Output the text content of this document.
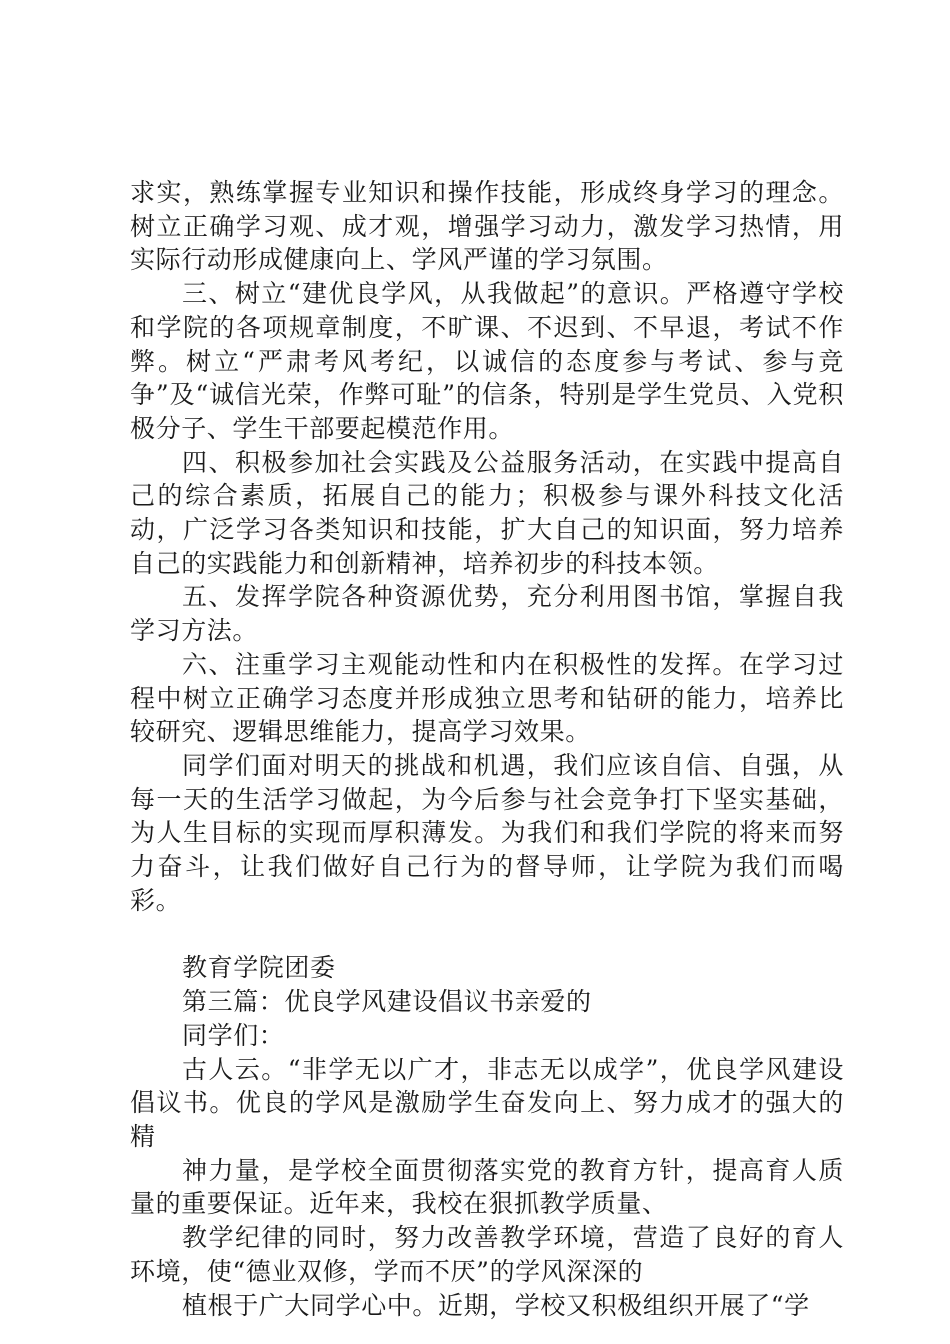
求实，熟练掌握专业知识和操作技能，形成终身学习的理念。树立正确学习观、成才观，增强学习动力，激发学习热情，用实际行动形成健康向上、学风严谨的学习氛围。

三、树立“建优良学风，从我做起”的意识。严格遵守学校和学院的各项规章制度，不旷课、不迟到、不早退，考试不作弊。树立“严肃考风考纪，以诚信的态度参与考试、参与竞争”及“诚信光荣，作弊可耻”的信条，特别是学生党员、入党积极分子、学生干部要起模范作用。

四、积极参加社会实践及公益服务活动，在实践中提高自己的综合素质，拓展自己的能力；积极参与课外科技文化活动，广泛学习各类知识和技能，扩大自己的知识面，努力培养自己的实践能力和创新精神，培养初步的科技本领。

五、发挥学院各种资源优势，充分利用图书馆，掌握自我学习方法。

六、注重学习主观能动性和内在积极性的发挥。在学习过程中树立正确学习态度并形成独立思考和钻研的能力，培养比较研究、逻辑思维能力，提高学习效果。

同学们面对明天的挑战和机遇，我们应该自信、自强，从每一天的生活学习做起，为今后参与社会竞争打下坚实基础，为人生目标的实现而厚积薄发。为我们和我们学院的将来而努力奋斗，让我们做好自己行为的督导师，让学院为我们而喝彩。

教育学院团委

第三篇：优良学风建设倡议书亲爱的

同学们：

古人云。“非学无以广才，非志无以成学”，优良学风建设倡议书。优良的学风是激励学生奋发向上、努力成才的强大的精

神力量，是学校全面贯彻落实党的教育方针，提高育人质量的重要保证。近年来，我校在狠抓教学质量、

教学纪律的同时，努力改善教学环境，营造了良好的育人环境，使“德业双修，学而不厌”的学风深深的

植根于广大同学心中。近期，学校又积极组织开展了“学
